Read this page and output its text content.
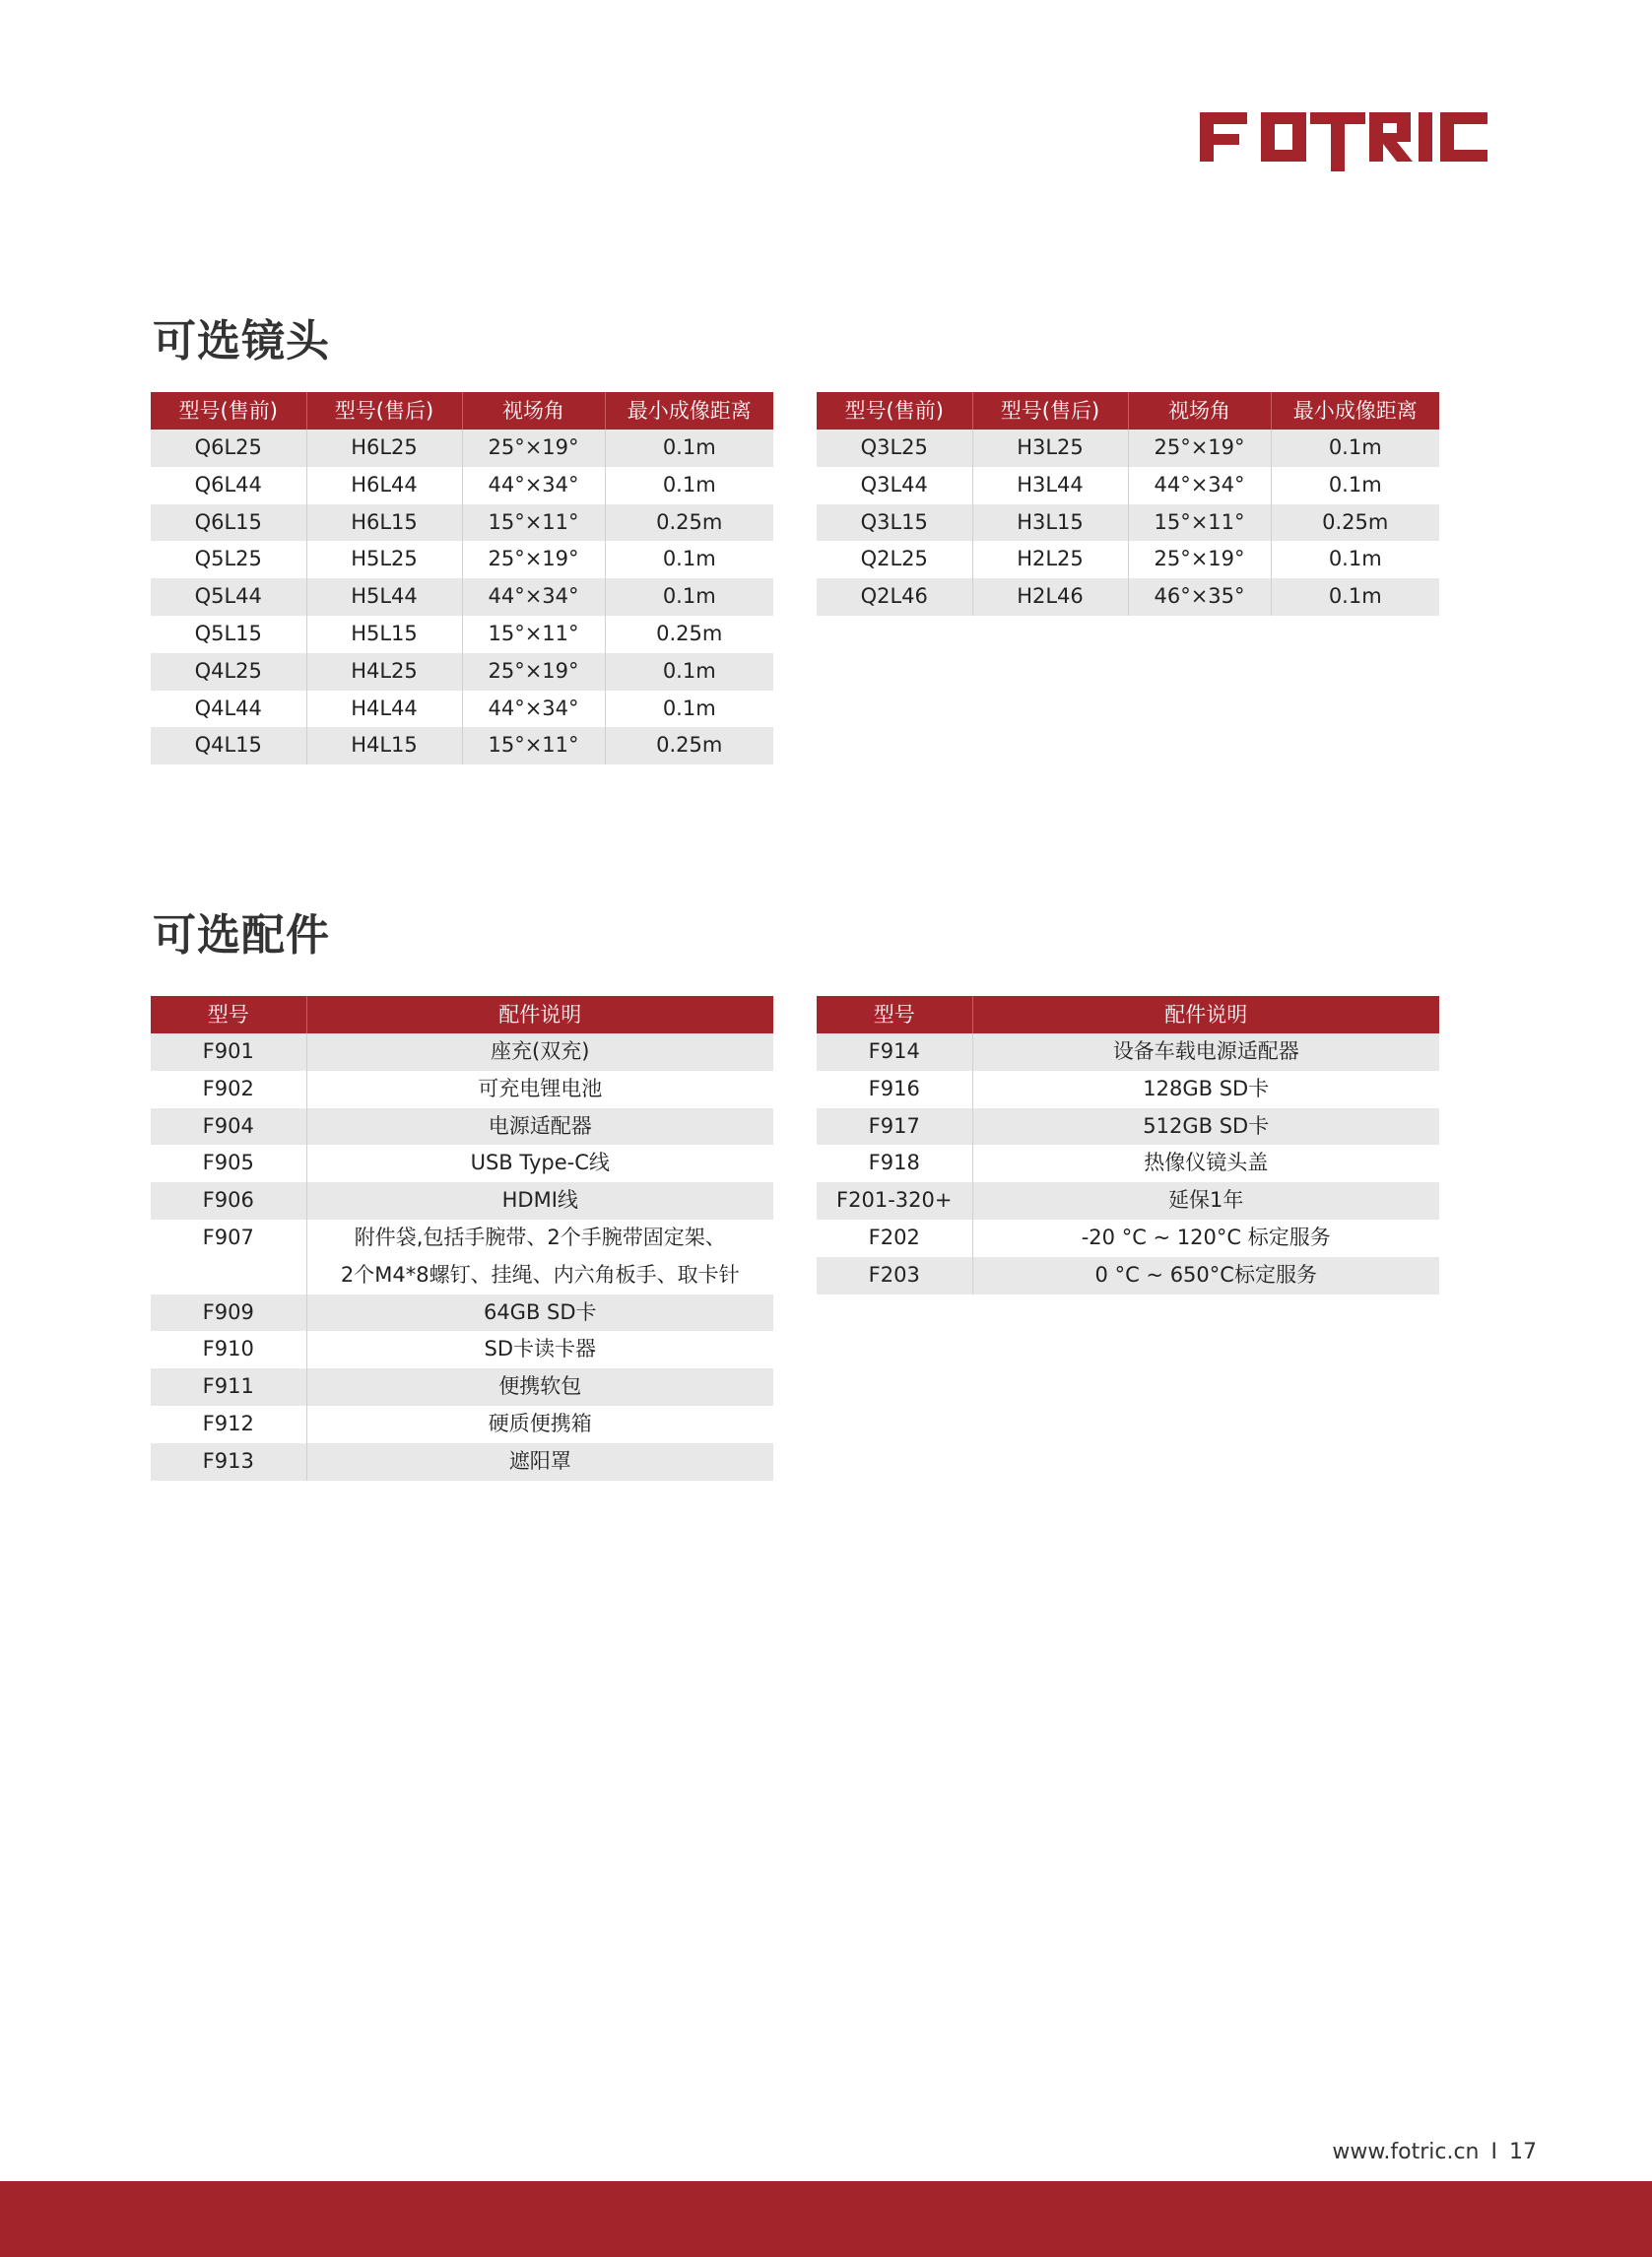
可选镜头
型号(售前)	型号(售后)	视场角	最小成像距离
Q6L25	H6L25	25°×19°	0.1m
Q6L44	H6L44	44°×34°	0.1m
Q6L15	H6L15	15°×11°	0.25m
Q5L25	H5L25	25°×19°	0.1m
Q5L44	H5L44	44°×34°	0.1m
Q5L15	H5L15	15°×11°	0.25m
Q4L25	H4L25	25°×19°	0.1m
Q4L44	H4L44	44°×34°	0.1m
Q4L15	H4L15	15°×11°	0.25m
型号(售前)	型号(售后)	视场角	最小成像距离
Q3L25	H3L25	25°×19°	0.1m
Q3L44	H3L44	44°×34°	0.1m
Q3L15	H3L15	15°×11°	0.25m
Q2L25	H2L25	25°×19°	0.1m
Q2L46	H2L46	46°×35°	0.1m
可选配件
型号	配件说明
F901	座充(双充)
F902	可充电锂电池
F904	电源适配器
F905	USB Type-C线
F906	HDMI线
F907	附件袋,包括手腕带、2个手腕带固定架、
2个M4*8螺钉、挂绳、内六角板手、取卡针

F909	64GB SD卡
F910	SD卡读卡器
F911	便携软包
F912	硬质便携箱
F913	遮阳罩
型号	配件说明
F914	设备车载电源适配器
F916	128GB SD卡
F917	512GB SD卡
F918	热像仪镜头盖
F201-320+	延保1年
F202	-20 °C ~ 120°C 标定服务
F203	0 °C ~ 650°C标定服务
www.fotric.cn I 17
